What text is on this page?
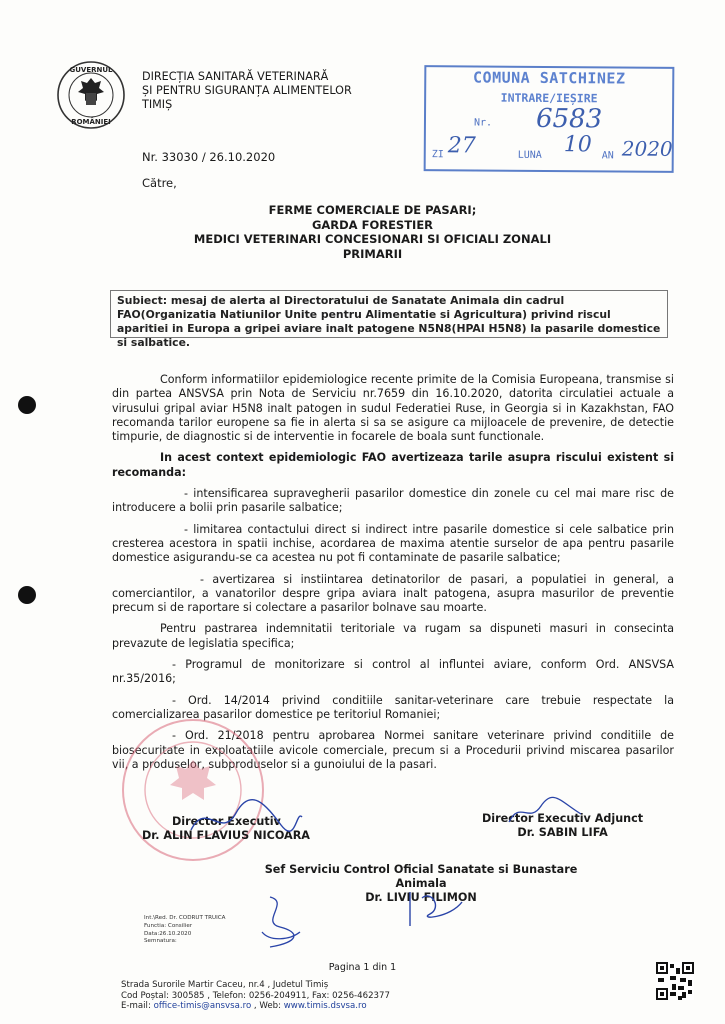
GUVERNUL
ROMÂNIEI
DIRECȚIA SANITARĂ VETERINARĂ
ȘI PENTRU SIGURANȚA ALIMENTELOR
TIMIȘ
Nr. 33030 / 26.10.2020
Către,
COMUNA SATCHINEZ
INTRARE/IEȘIRE
Nr. 6583
ZI 27	LUNA 10 AN 2020
FERME COMERCIALE DE PASARI;
GARDA FORESTIER
MEDICI VETERINARI CONCESIONARI SI OFICIALI ZONALI
PRIMARII
Subiect: mesaj de alerta al Directoratului de Sanatate Animala din cadrul FAO(Organizatia Natiunilor Unite pentru Alimentatie si Agricultura) privind riscul aparitiei in Europa a gripei aviare inalt patogene N5N8(HPAI H5N8) la pasarile domestice si salbatice.

Conform informatiilor epidemiologice recente primite de la Comisia Europeana, transmise si din partea ANSVSA prin Nota de Serviciu nr.7659 din 16.10.2020, datorita circulatiei actuale a virusului gripal aviar H5N8 inalt patogen in sudul Federatiei Ruse, in Georgia si in Kazakhstan, FAO recomanda tarilor europene sa fie in alerta si sa se asigure ca mijloacele de prevenire, de detectie timpurie, de diagnostic si de interventie in focarele de boala sunt functionale.

In acest context epidemiologic FAO avertizeaza tarile asupra riscului existent si recomanda:

- intensificarea supravegherii pasarilor domestice din zonele cu cel mai mare risc de introducere a bolii prin pasarile salbatice;

- limitarea contactului direct si indirect intre pasarile domestice si cele salbatice prin cresterea acestora in spatii inchise, acordarea de maxima atentie surselor de apa pentru pasarile domestice asigurandu-se ca acestea nu pot fi contaminate de pasarile salbatice;

- avertizarea si instiintarea detinatorilor de pasari, a populatiei in general, a comerciantilor, a vanatorilor despre gripa aviara inalt patogena, asupra masurilor de preventie precum si de raportare si colectare a pasarilor bolnave sau moarte.

Pentru pastrarea indemnitatii teritoriale va rugam sa dispuneti masuri in consecinta prevazute de legislatia specifica;

- Programul de monitorizare si control al influntei aviare, conform Ord. ANSVSA nr.35/2016;

- Ord. 14/2014 privind conditiile sanitar-veterinare care trebuie respectate la comercializarea pasarilor domestice pe teritoriul Romaniei;

- Ord. 21/2018 pentru aprobarea Normei sanitare veterinare privind conditiile de biosecuritate in exploatatiile avicole comerciale, precum si a Procedurii privind miscarea pasarilor vii, a produselor, subproduselor si a gunoiului de la pasari.

Director Executiv
Dr. ALIN FLAVIUS NICOARA
Director Executiv Adjunct
Dr. SABIN LIFA
Sef Serviciu Control Oficial Sanatate si Bunastare Animala
Dr. LIVIU FILIMON
Int.\Red. Dr. CODRUT TRUICA
Functia: Consilier
Data:26.10.2020
Semnatura:
Pagina 1 din 1
Strada Surorile Martir Caceu, nr.4 , Judetul Timiș
Cod Poștal: 300585 , Telefon: 0256-204911, Fax: 0256-462377
E-mail: office-timis@ansvsa.ro , Web: www.timis.dsvsa.ro
